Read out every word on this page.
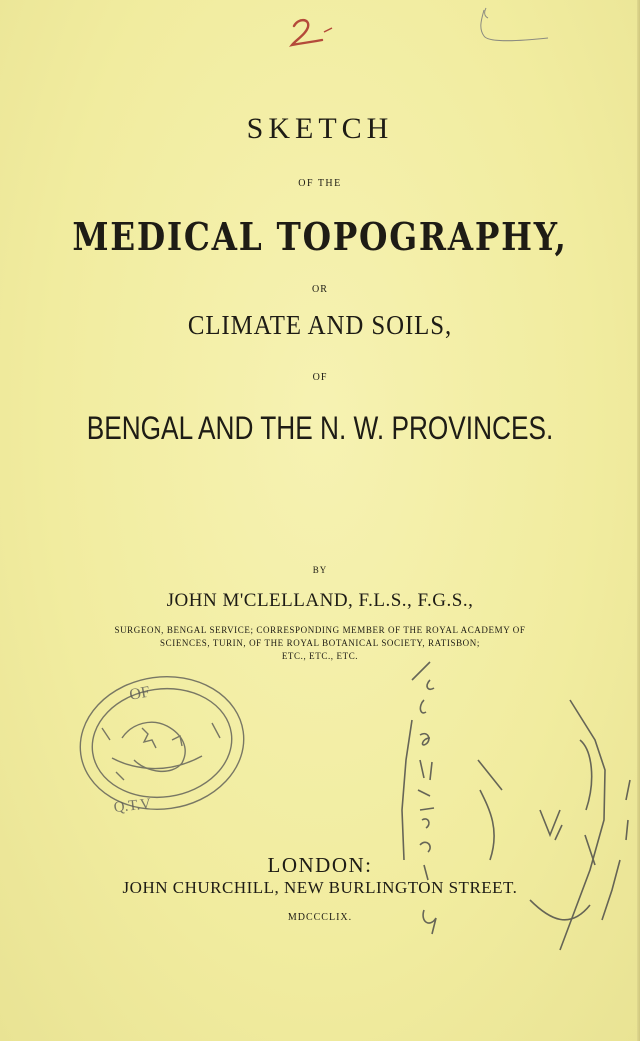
SKETCH
OF THE
MEDICAL TOPOGRAPHY,
OR
CLIMATE AND SOILS,
OF
BENGAL AND THE N. W. PROVINCES.
BY
JOHN M'CLELLAND, F.L.S., F.G.S.,
SURGEON, BENGAL SERVICE; CORRESPONDING MEMBER OF THE ROYAL ACADEMY OF
SCIENCES, TURIN, OF THE ROYAL BOTANICAL SOCIETY, RATISBON;
ETC., ETC., ETC.
OF
Q.T.V
LONDON:
JOHN CHURCHILL, NEW BURLINGTON STREET.
MDCCCLIX.
